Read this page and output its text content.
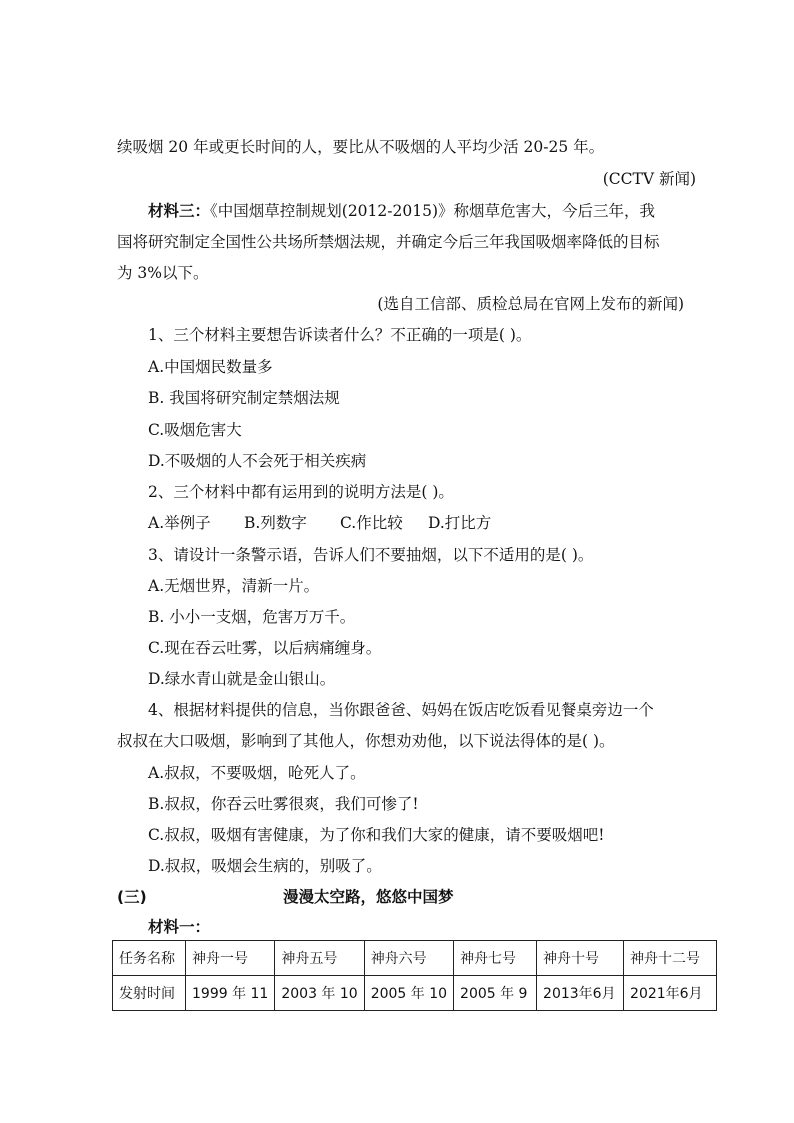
续吸烟 20 年或更长时间的人，要比从不吸烟的人平均少活 20-25 年。

(CCTV 新闻)

材料三：《中国烟草控制规划(2012-2015)》称烟草危害大，今后三年，我

国将研究制定全国性公共场所禁烟法规，并确定今后三年我国吸烟率降低的目标

为 3%以下。

(选自工信部、质检总局在官网上发布的新闻)

1、三个材料主要想告诉读者什么？不正确的一项是( )。

A.中国烟民数量多

B. 我国将研究制定禁烟法规

C.吸烟危害大

D.不吸烟的人不会死于相关疾病

2、三个材料中都有运用到的说明方法是( )。

A.举例子 B.列数字 C.作比较 D.打比方

3、请设计一条警示语，告诉人们不要抽烟，以下不适用的是( )。

A.无烟世界，清新一片。

B. 小小一支烟，危害万万千。

C.现在吞云吐雾，以后病痛缠身。

D.绿水青山就是金山银山。

4、根据材料提供的信息，当你跟爸爸、妈妈在饭店吃饭看见餐桌旁边一个

叔叔在大口吸烟，影响到了其他人，你想劝劝他，以下说法得体的是( )。

A.叔叔，不要吸烟，呛死人了。

B.叔叔，你吞云吐雾很爽，我们可惨了!

C.叔叔，吸烟有害健康，为了你和我们大家的健康，请不要吸烟吧!

D.叔叔，吸烟会生病的，别吸了。

(三)	漫漫太空路，悠悠中国梦

材料一：

任务名称	神舟一号	神舟五号	神舟六号	神舟七号	神舟十号	神舟十二号
发射时间	1999 年 11	2003 年 10	2005 年 10	2005 年 9	2013年6月	2021年6月
